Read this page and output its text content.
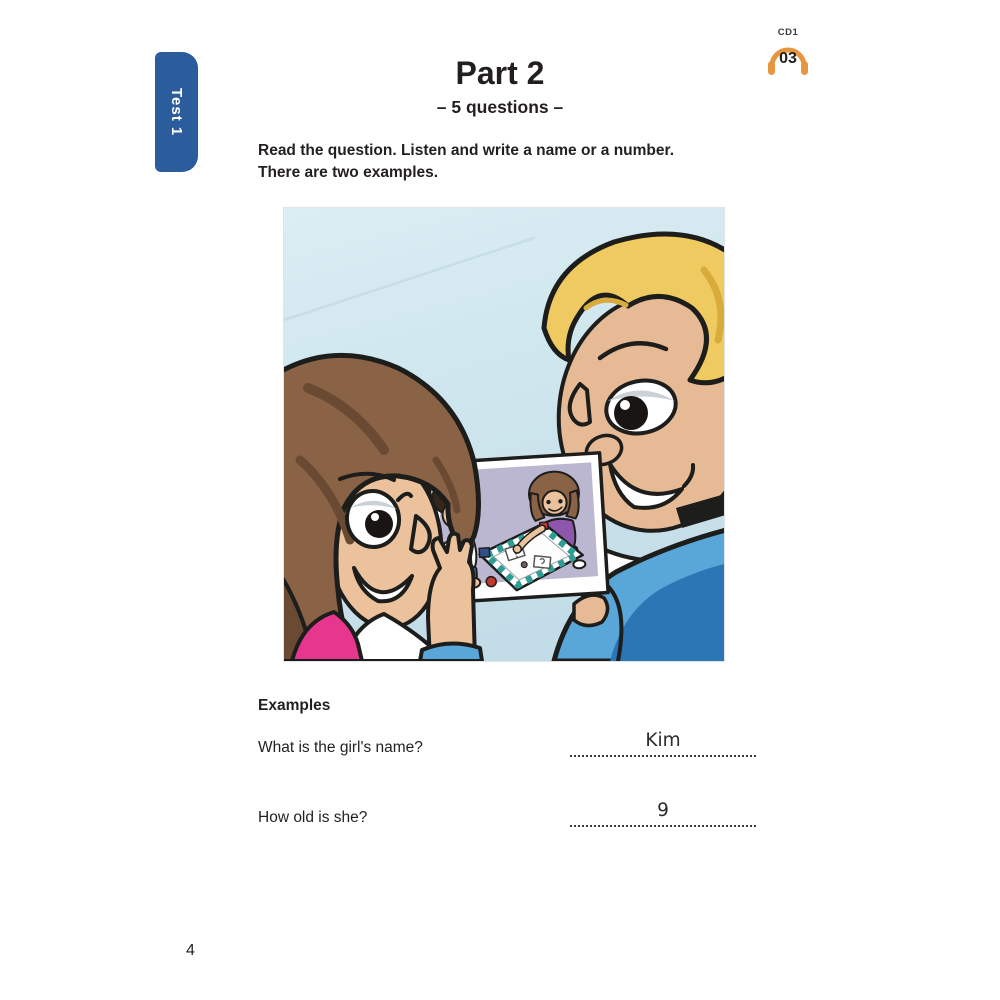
Test 1
CD1
03
Part 2
– 5 questions –
Read the question. Listen and write a name or a number.
There are two examples.
Examples
What is the girl's name?	Kim
How old is she?	9
4
